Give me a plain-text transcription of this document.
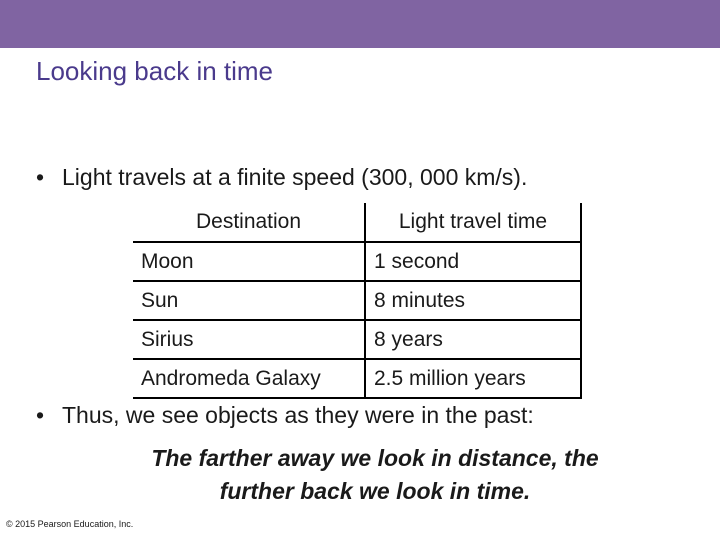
Looking back in time
• Light travels at a finite speed (300, 000 km/s).
Destination	Light travel time
Moon	1 second
Sun	8 minutes
Sirius	8 years
Andromeda Galaxy	2.5 million years
• Thus, we see objects as they were in the past:
The farther away we look in distance, the
further back we look in time.
© 2015 Pearson Education, Inc.
